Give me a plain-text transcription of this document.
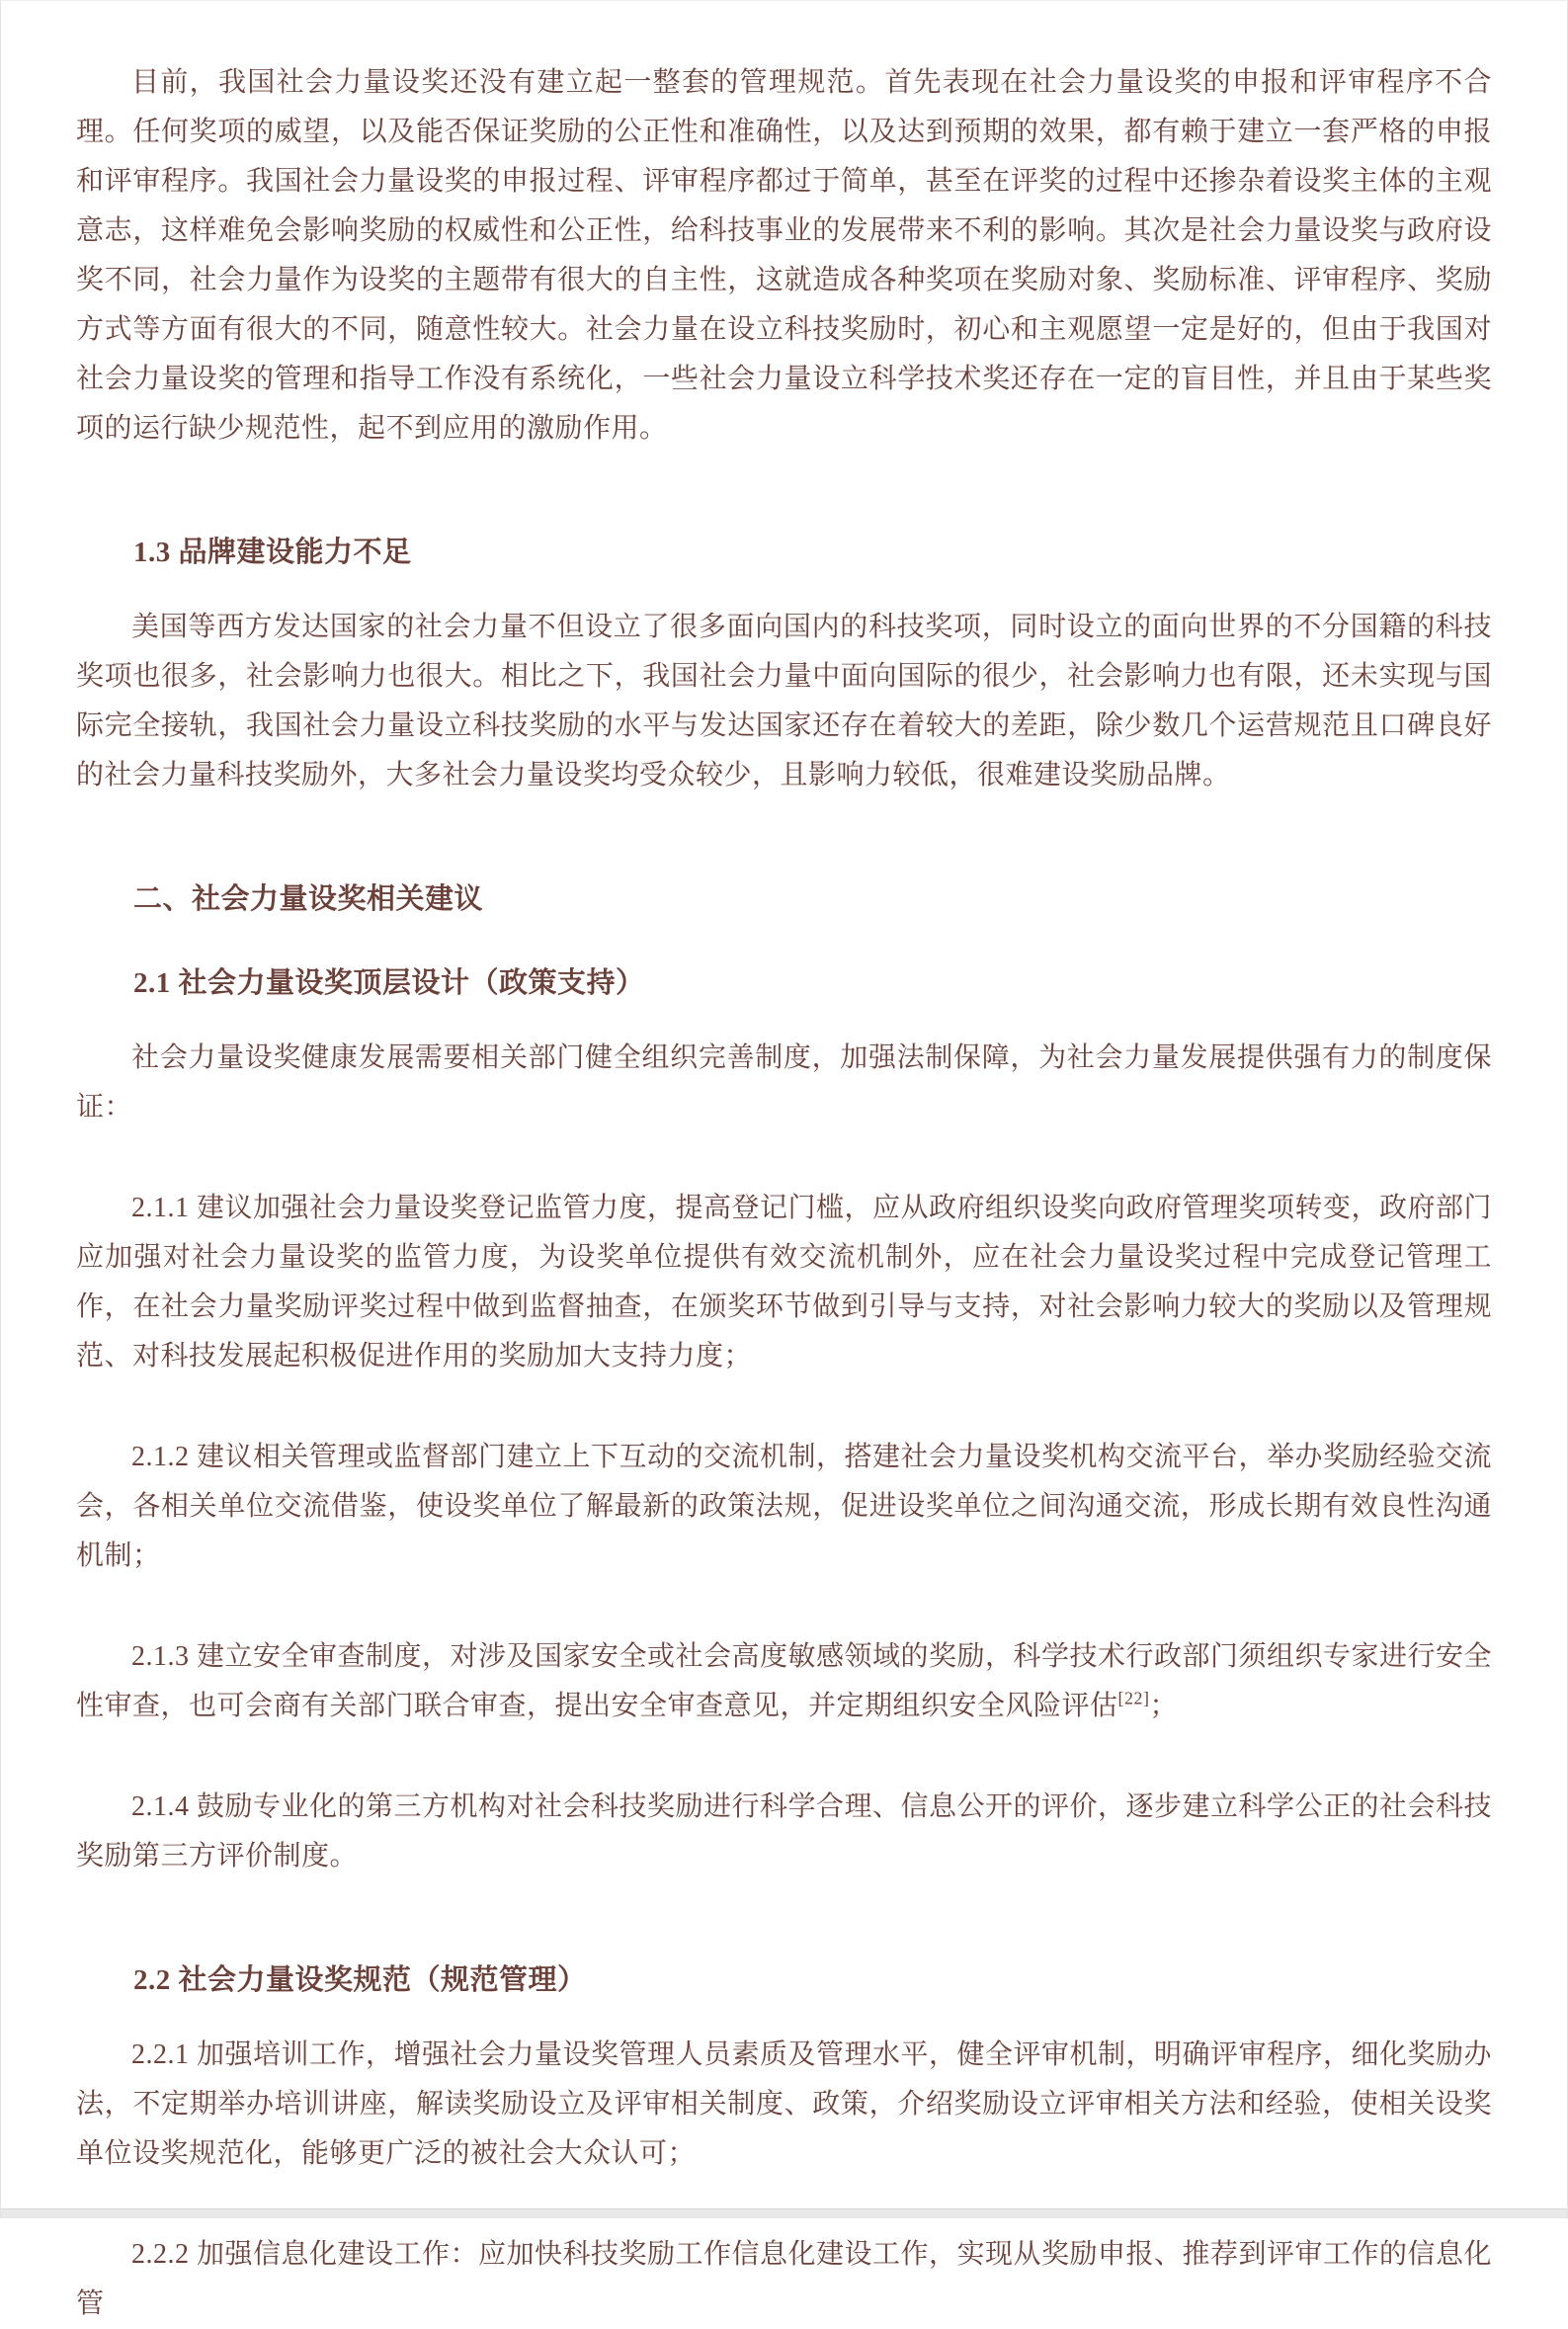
目前，我国社会力量设奖还没有建立起一整套的管理规范。首先表现在社会力量设奖的申报和评审程序不合理。任何奖项的威望，以及能否保证奖励的公正性和准确性，以及达到预期的效果，都有赖于建立一套严格的申报和评审程序。我国社会力量设奖的申报过程、评审程序都过于简单，甚至在评奖的过程中还掺杂着设奖主体的主观意志，这样难免会影响奖励的权威性和公正性，给科技事业的发展带来不利的影响。其次是社会力量设奖与政府设奖不同，社会力量作为设奖的主题带有很大的自主性，这就造成各种奖项在奖励对象、奖励标准、评审程序、奖励方式等方面有很大的不同，随意性较大。社会力量在设立科技奖励时，初心和主观愿望一定是好的，但由于我国对社会力量设奖的管理和指导工作没有系统化，一些社会力量设立科学技术奖还存在一定的盲目性，并且由于某些奖项的运行缺少规范性，起不到应用的激励作用。

1.3 品牌建设能力不足

美国等西方发达国家的社会力量不但设立了很多面向国内的科技奖项，同时设立的面向世界的不分国籍的科技奖项也很多，社会影响力也很大。相比之下，我国社会力量中面向国际的很少，社会影响力也有限，还未实现与国际完全接轨，我国社会力量设立科技奖励的水平与发达国家还存在着较大的差距，除少数几个运营规范且口碑良好的社会力量科技奖励外，大多社会力量设奖均受众较少，且影响力较低，很难建设奖励品牌。

二、社会力量设奖相关建议

2.1 社会力量设奖顶层设计（政策支持）

社会力量设奖健康发展需要相关部门健全组织完善制度，加强法制保障，为社会力量发展提供强有力的制度保证：

2.1.1 建议加强社会力量设奖登记监管力度，提高登记门槛，应从政府组织设奖向政府管理奖项转变，政府部门应加强对社会力量设奖的监管力度，为设奖单位提供有效交流机制外，应在社会力量设奖过程中完成登记管理工作，在社会力量奖励评奖过程中做到监督抽查，在颁奖环节做到引导与支持，对社会影响力较大的奖励以及管理规范、对科技发展起积极促进作用的奖励加大支持力度；

2.1.2 建议相关管理或监督部门建立上下互动的交流机制，搭建社会力量设奖机构交流平台，举办奖励经验交流会，各相关单位交流借鉴，使设奖单位了解最新的政策法规，促进设奖单位之间沟通交流，形成长期有效良性沟通机制；

2.1.3 建立安全审查制度，对涉及国家安全或社会高度敏感领域的奖励，科学技术行政部门须组织专家进行安全性审查，也可会商有关部门联合审查，提出安全审查意见，并定期组织安全风险评估[22]；

2.1.4 鼓励专业化的第三方机构对社会科技奖励进行科学合理、信息公开的评价，逐步建立科学公正的社会科技奖励第三方评价制度。

2.2 社会力量设奖规范（规范管理）

2.2.1 加强培训工作，增强社会力量设奖管理人员素质及管理水平，健全评审机制，明确评审程序，细化奖励办法，不定期举办培训讲座，解读奖励设立及评审相关制度、政策，介绍奖励设立评审相关方法和经验，使相关设奖单位设奖规范化，能够更广泛的被社会大众认可；

2.2.2 加强信息化建设工作：应加快科技奖励工作信息化建设工作，实现从奖励申报、推荐到评审工作的信息化管
